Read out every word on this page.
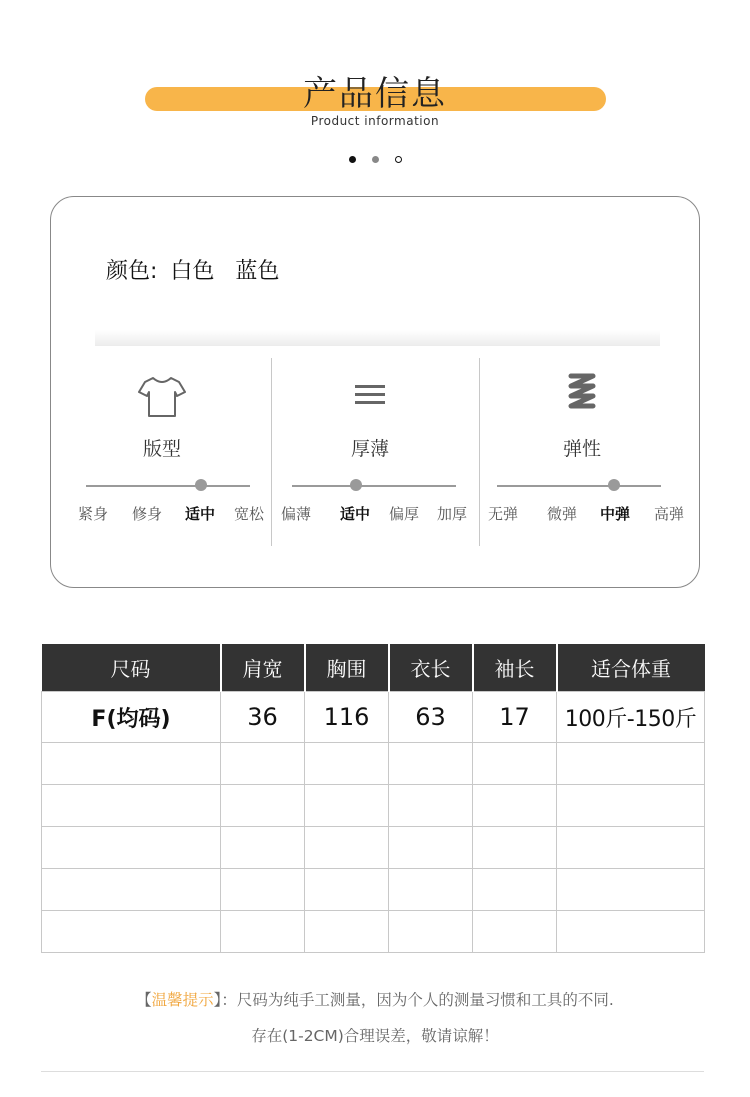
产品信息
Product information
颜色: 白色   蓝色
版型	厚薄	弹性
紧身 修身 适中 宽松 偏薄 适中 偏厚 加厚 无弹 微弹 中弹 高弹
尺码	肩宽	胸围	衣长	袖长	适合体重
F(均码)	36	116	63	17	100斤-150斤

【温馨提示】：尺码为纯手工测量，因为个人的测量习惯和工具的不同.
存在(1-2CM)合理误差，敬请谅解！
